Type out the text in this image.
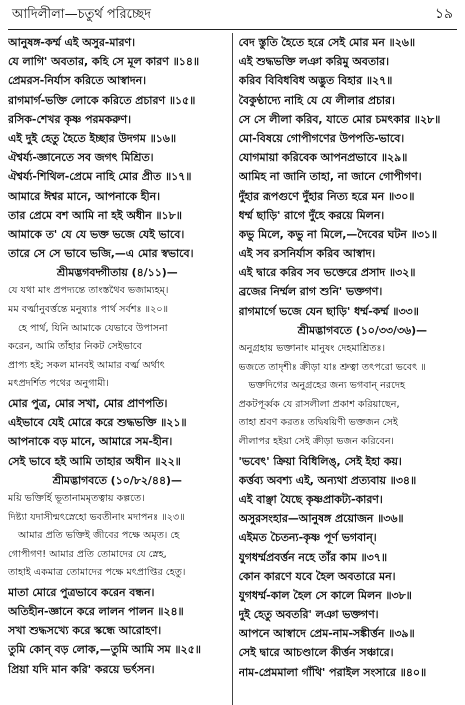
আদিলীলা—চতুর্থ পরিচ্ছেদ	১৯
আনুষঙ্গ-কর্ম্ম এই অসুর-মারণ।
যে লাগি' অবতার, কহি সে মূল কারণ ॥১৪॥
প্রেমরস-নির্যাস করিতে আস্বাদন।
রাগমার্গ-ভক্তি লোকে করিতে প্রচারণ ॥১৫॥
রসিক-শেখর কৃষ্ণ পরমকরুণ।
এই দুই হেতু হৈতে ইচ্ছার উদগম ॥১৬॥
ঐশ্বর্য্য-জ্ঞানেতে সব জগৎ মিশ্রিত।
ঐশ্বর্য্য-শিথিল-প্রেমে নাহি মোর প্রীত ॥১৭॥
আমারে ঈশ্বর মানে, আপনাকে হীন।
তার প্রেমে বশ আমি না হই অধীন ॥১৮॥
আমাকে ত' যে যে ভক্ত ভজে যেই ভাবে।
তারে সে সে ভাবে ভজি,—এ মোর স্বভাবে।
শ্রীমদ্ভগবদ্গীতায় (৪/১১)—
যে যথা মাং প্রপদ্যন্তে তাংস্তথৈব ভজাম্যহম্‌।
মম বর্ত্মানুবর্ত্তন্তে মনুষ্যাঃ পার্থ সর্বশঃ ॥২০॥
হে পার্থ, যিনি আমাকে যেভাবে উপাসনা
করেন, আমি তাঁহার নিকট সেইভাবে
প্রাপ্য হই; সকল মানবই আমার বর্ত্ম অর্থাৎ
মৎপ্রদর্শিত পথের অনুগামী।
মোর পুত্র, মোর সখা, মোর প্রাণপতি।
এইভাবে যেই মোরে করে শুদ্ধভক্তি ॥২১॥
আপনাকে বড় মানে, আমারে সম-হীন।
সেই ভাবে হই আমি তাহার অধীন ॥২২॥
শ্রীমদ্ভাগবতে (১০/৮২/৪৪)—
ময়ি ভক্তির্হি ভূতানামমৃতত্বায় কল্পতে।
দিষ্ট্যা যদাসীন্মৎস্নেহো ভবতীনাং মদাপনঃ ॥২৩॥
আমার প্রতি ভক্তিই জীবের পক্ষে অমৃত। হে
গোপীগণ! আমার প্রতি তোমাদের যে স্নেহ,
তাহাই একমাত্র তোমাদের পক্ষে মৎপ্রাপ্তির হেতু।
মাতা মোরে পুত্রভাবে করেন বন্ধন।
অতিহীন-জ্ঞানে করে লালন পালন ॥২৪॥
সখা শুদ্ধসখ্যে করে স্কন্ধে আরোহণ।
তুমি কোন্‌ বড় লোক,—তুমি আমি সম ॥২৫॥
প্রিয়া যদি মান করি' করয়ে ভর্ৎসন।
বেদ স্তুতি হৈতে হরে সেই মোর মন ॥২৬॥
এই শুদ্ধভক্তি লঞা করিমু অবতার।
করিব বিবিধবিধ অদ্ভুত বিহার ॥২৭॥
বৈকুণ্ঠাদ্যে নাহি যে যে লীলার প্রচার।
সে সে লীলা করিব, যাতে মোর চমৎকার ॥২৮॥
মো-বিষয়ে গোপীগণের উপপতি-ভাবে।
যোগমায়া করিবেক আপনপ্রভাবে ॥২৯॥
আমিহ না জানি তাহা, না জানে গোপীগণ।
দুঁহার রূপগুণে দুঁহার নিত্য হরে মন ॥৩০॥
ধর্ম্ম ছাড়ি' রাগে দুঁহে করয়ে মিলন।
কভু মিলে, কভু না মিলে,—দৈবের ঘটন ॥৩১॥
এই সব রসনির্যাস করিব আস্বাদ।
এই দ্বারে করিব সব ভক্তেরে প্রসাদ ॥৩২॥
ব্রজের নির্ম্মল রাগ শুনি' ভক্তগণ।
রাগমার্গে ভজে যেন ছাড়ি' ধর্ম্ম-কর্ম্ম ॥৩৩॥
শ্রীমদ্ভাগবতে (১০/৩৩/৩৬)—
অনুগ্রহায় ভক্তানাং মানুষং দেহমাশ্রিতঃ।
ভজতে তাদৃশীঃ ক্রীড়া যাঃ শ্রুত্বা তৎপরো ভবেৎ ॥
ভক্তদিগের অনুগ্রহের জন্য ভগবান্‌ নরদেহ
প্রকটপূর্ব্বক যে রাসলীলা প্রকাশ করিয়াছেন,
তাহা শ্রবণ করতঃ তদ্বিষয়িণী ভক্তজন সেই
লীলাপর হইয়া সেই ক্রীড়া ভজন করিবেন।
'ভবেৎ' ক্রিয়া বিধিলিঙ্‌, সেই ইহা কয়।
কর্ত্তব্য অবশ্য এই, অন্যথা প্রত্যবায় ॥৩৪॥
এই বাঞ্ছা যৈছে কৃষ্ণপ্রাকট্য-কারণ।
অসুরসংহার—আনুষঙ্গ প্রয়োজন ॥৩৬॥
এইমত চৈতন্য-কৃষ্ণ পূর্ণ ভগবান্‌।
যুগধর্ম্মপ্রবর্ত্তন নহে তাঁর কাম ॥৩৭॥
কোন কারণে যবে হৈল অবতারে মন।
যুগধর্ম্ম-কাল হৈল সে কালে মিলন ॥৩৮॥
দুই হেতু অবতরি' লঞা ভক্তগণ।
আপনে আস্বাদে প্রেম-নাম-সঙ্কীর্ত্তন ॥৩৯॥
সেই দ্বারে আচণ্ডালে কীর্ত্তন সঞ্চারে।
নাম-প্রেমমালা গাঁথি' পরাইল সংসারে ॥৪০॥
